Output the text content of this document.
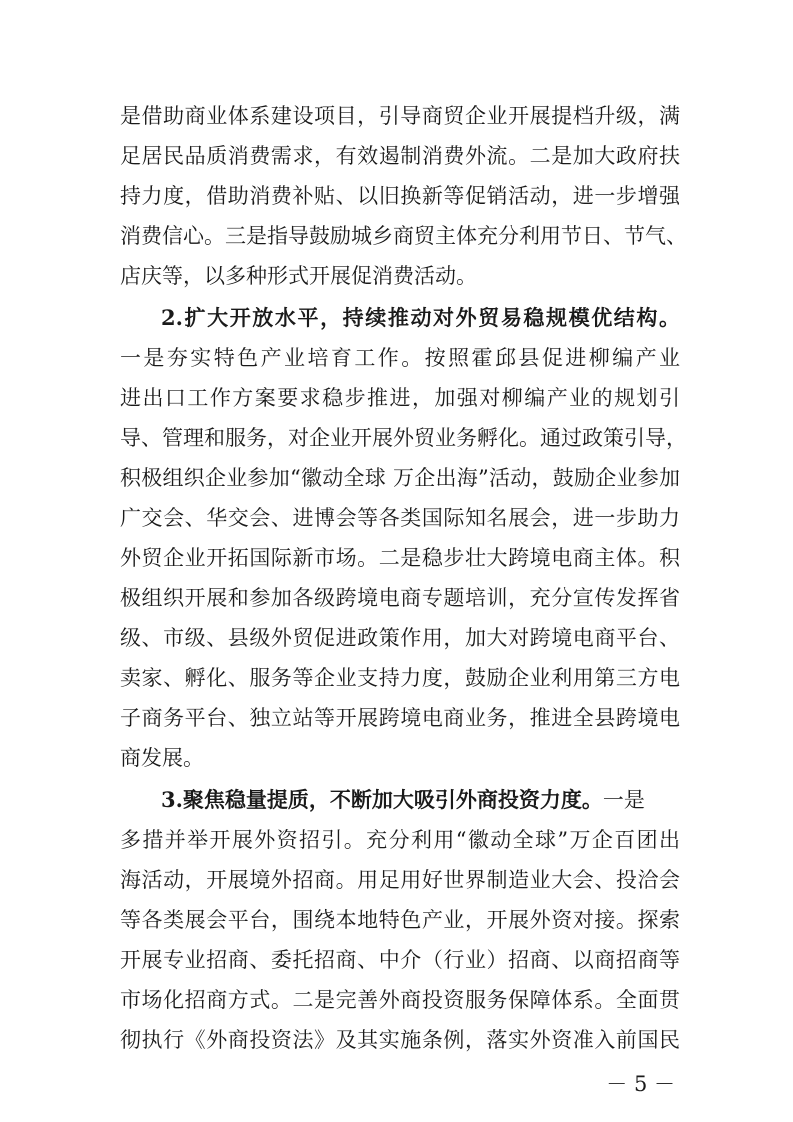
是借助商业体系建设项目，引导商贸企业开展提档升级，满
足居民品质消费需求，有效遏制消费外流。二是加大政府扶
持力度，借助消费补贴、以旧换新等促销活动，进一步增强
消费信心。三是指导鼓励城乡商贸主体充分利用节日、节气、
店庆等，以多种形式开展促消费活动。
2.扩大开放水平，持续推动对外贸易稳规模优结构。
一是夯实特色产业培育工作。按照霍邱县促进柳编产业
进出口工作方案要求稳步推进，加强对柳编产业的规划引
导、管理和服务，对企业开展外贸业务孵化。通过政策引导，
积极组织企业参加“徽动全球 万企出海”活动，鼓励企业参加
广交会、华交会、进博会等各类国际知名展会，进一步助力
外贸企业开拓国际新市场。二是稳步壮大跨境电商主体。积
极组织开展和参加各级跨境电商专题培训，充分宣传发挥省
级、市级、县级外贸促进政策作用，加大对跨境电商平台、
卖家、孵化、服务等企业支持力度，鼓励企业利用第三方电
子商务平台、独立站等开展跨境电商业务，推进全县跨境电
商发展。
3.聚焦稳量提质，不断加大吸引外商投资力度。一是
多措并举开展外资招引。充分利用“徽动全球”万企百团出
海活动，开展境外招商。用足用好世界制造业大会、投洽会
等各类展会平台，围绕本地特色产业，开展外资对接。探索
开展专业招商、委托招商、中介（行业）招商、以商招商等
市场化招商方式。二是完善外商投资服务保障体系。全面贯
彻执行《外商投资法》及其实施条例，落实外资准入前国民
－ 5 －
